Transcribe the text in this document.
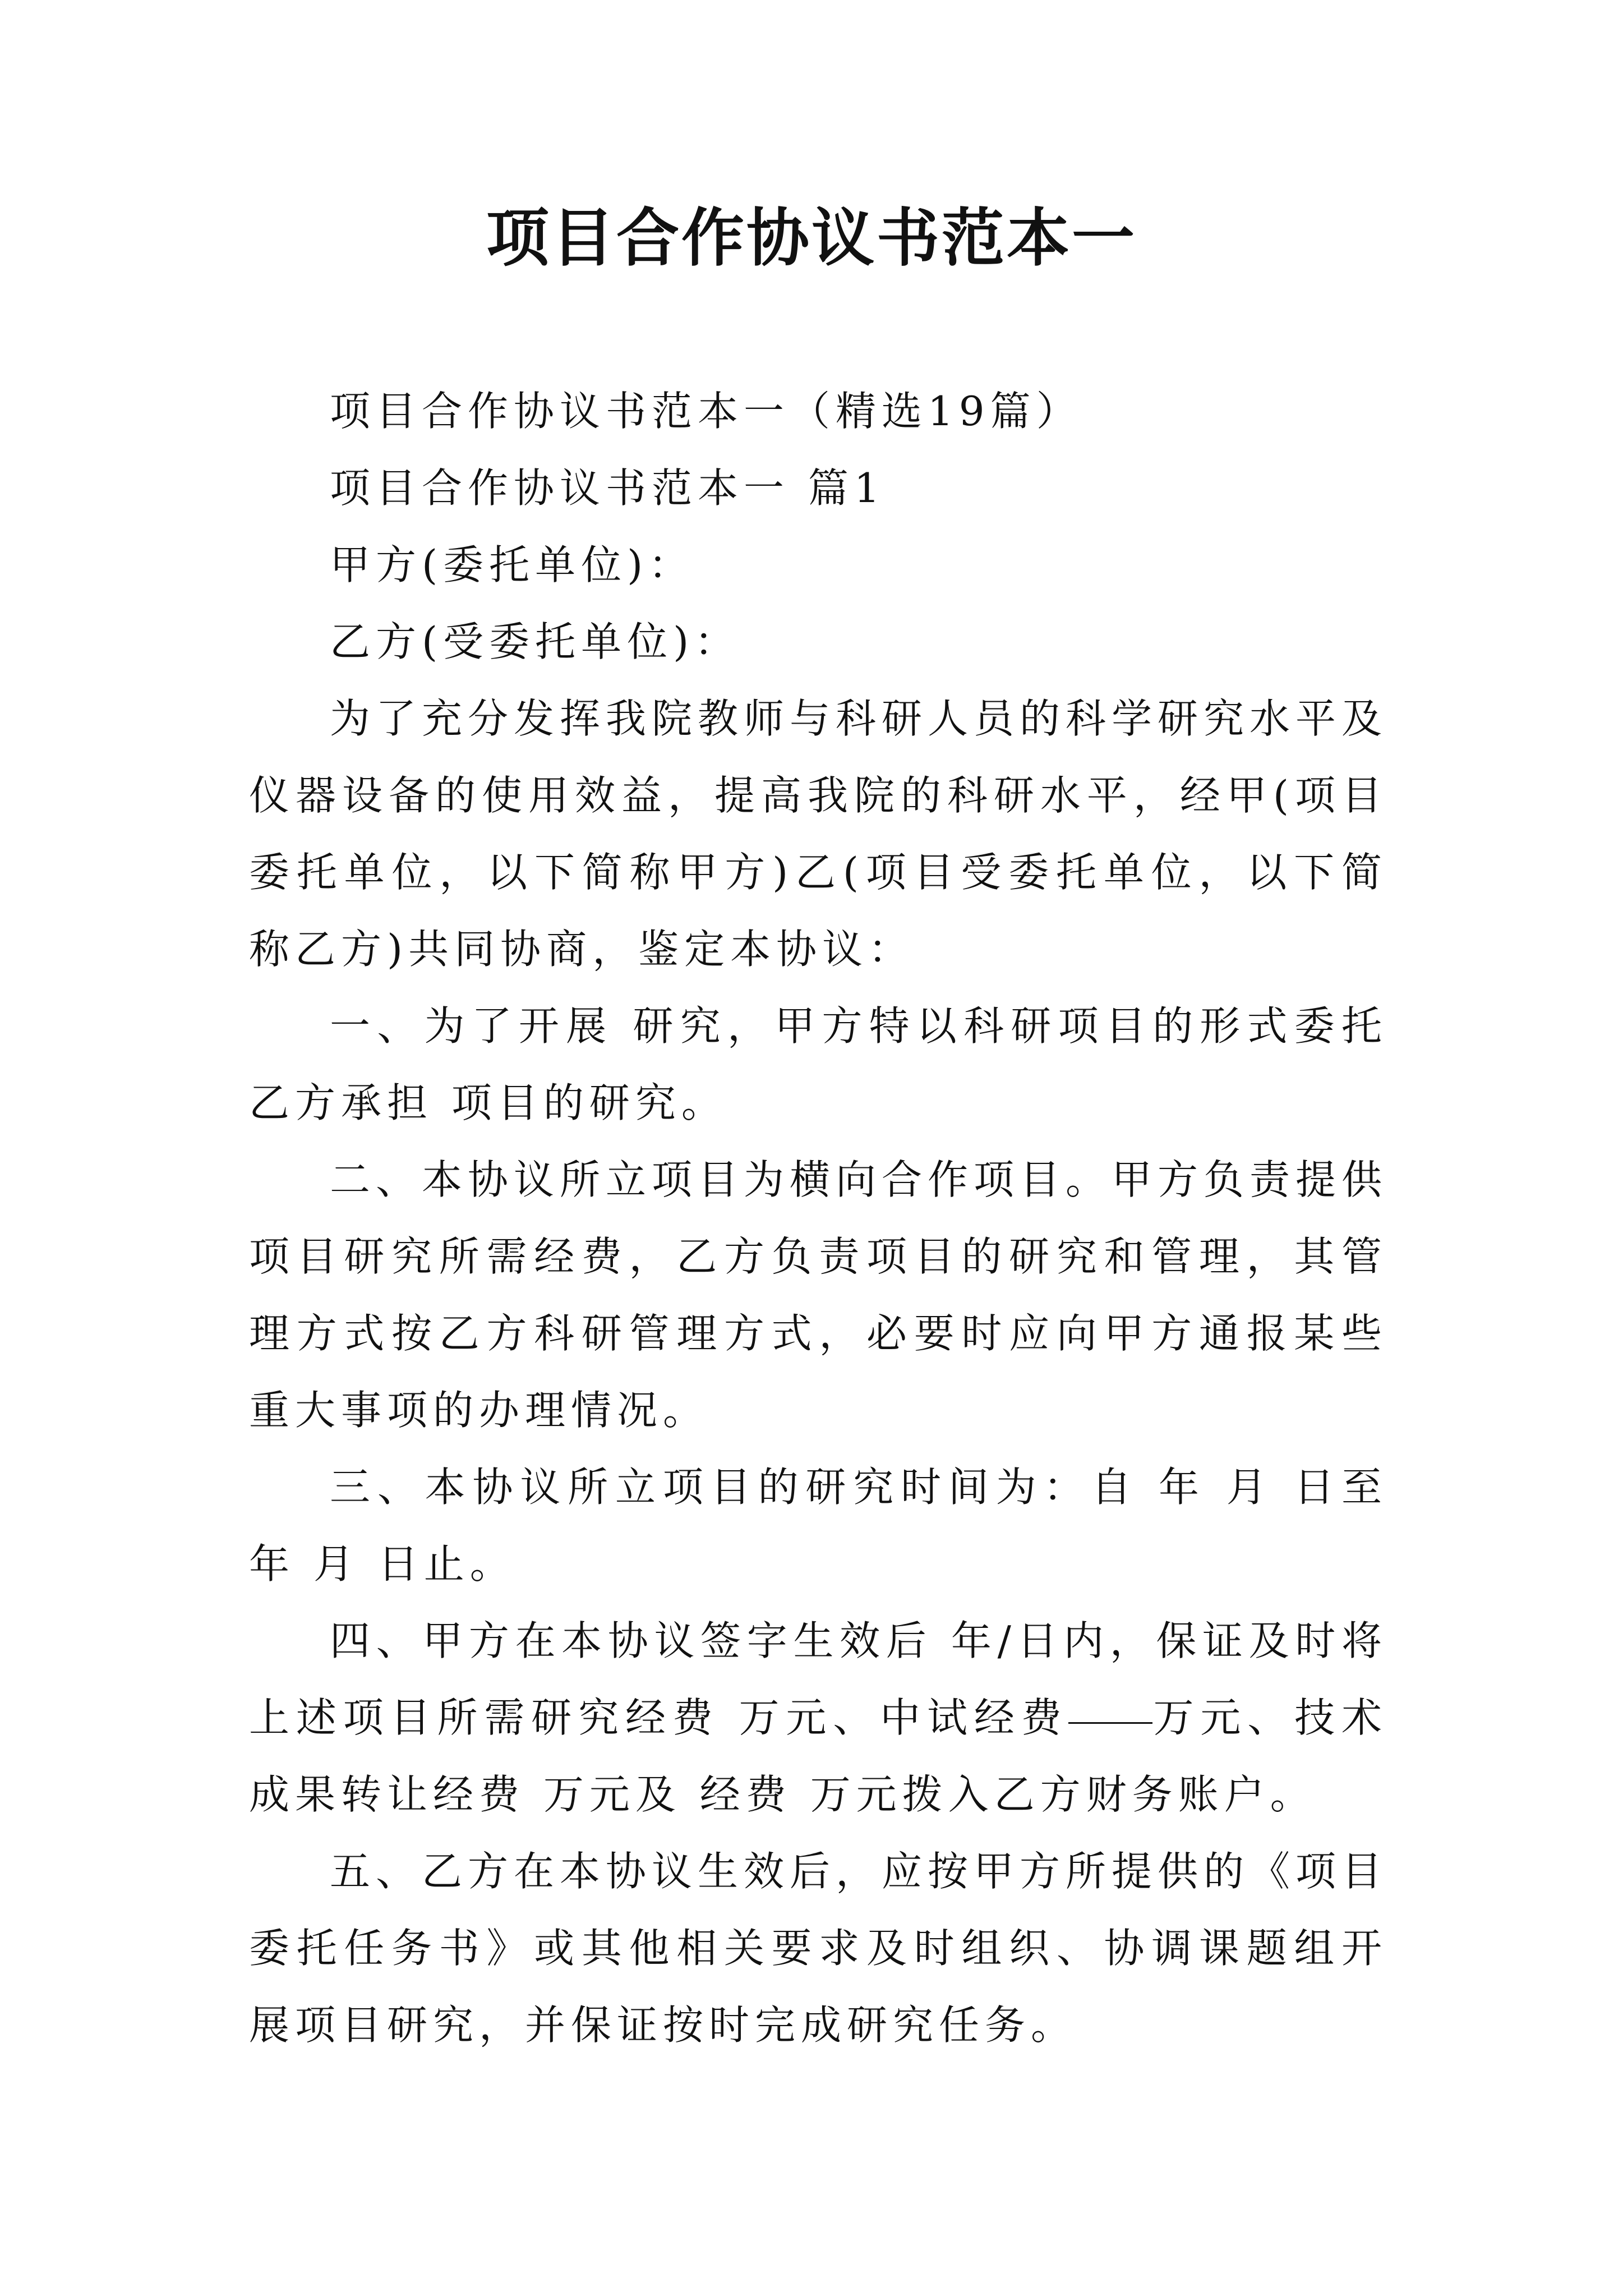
项目合作协议书范本一

项目合作协议书范本一（精选19篇）

项目合作协议书范本一 篇1

甲方(委托单位)：

乙方(受委托单位)：

为了充分发挥我院教师与科研人员的科学研究水平及仪器设备的使用效益，提高我院的科研水平，经甲(项目委托单位，以下简称甲方)乙(项目受委托单位，以下简称乙方)共同协商，鉴定本协议：

一、为了开展 研究，甲方特以科研项目的形式委托乙方承担 项目的研究。

二、本协议所立项目为横向合作项目。甲方负责提供项目研究所需经费，乙方负责项目的研究和管理，其管理方式按乙方科研管理方式，必要时应向甲方通报某些重大事项的办理情况。

三、本协议所立项目的研究时间为：自 年 月 日至 年 月 日止。

四、甲方在本协议签字生效后 年/日内，保证及时将上述项目所需研究经费 万元、中试经费 万元、技术成果转让经费 万元及 经费 万元拨入乙方财务账户。

五、乙方在本协议生效后，应按甲方所提供的《项目委托任务书》或其他相关要求及时组织、协调课题组开展项目研究，并保证按时完成研究任务。
